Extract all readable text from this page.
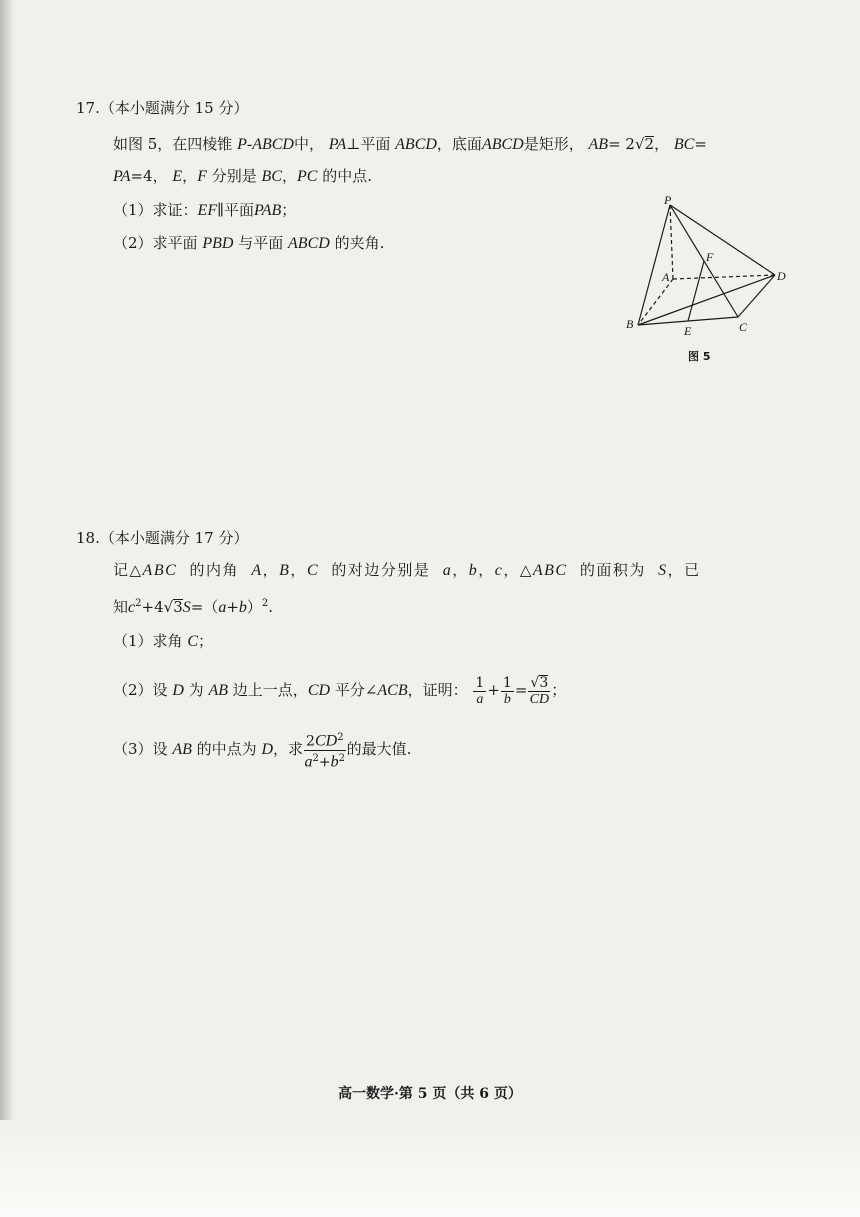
17.（本小题满分 15 分）
如图 5，在四棱锥 P-ABCD中， PA⊥平面 ABCD，底面ABCD是矩形， AB= 2√2， BC=
PA=4， E，F 分别是 BC，PC 的中点.
（1）求证：EF∥平面PAB；
（2）求平面 PBD 与平面 ABCD 的夹角.
P
A
B	C
D
E
F
图 5
18.（本小题满分 17 分）
记△ABC 的内角 A，B，C 的对边分别是 a，b，c，△ABC 的面积为 S，已
知$c^2+4√3S=(a+b)^2$.
（1）求角 C；
（2）设 D 为 AB 边上一点，CD 平分∠ACB，证明： $\frac{1}{a} + \frac{1}{b} = \frac{√3}{CD}$ ；
（3）设 AB 的中点为 D，求 $\frac{2CD^2}{a^2+b^2}$ 的最大值.
高一数学·第 5 页（共 6 页）
